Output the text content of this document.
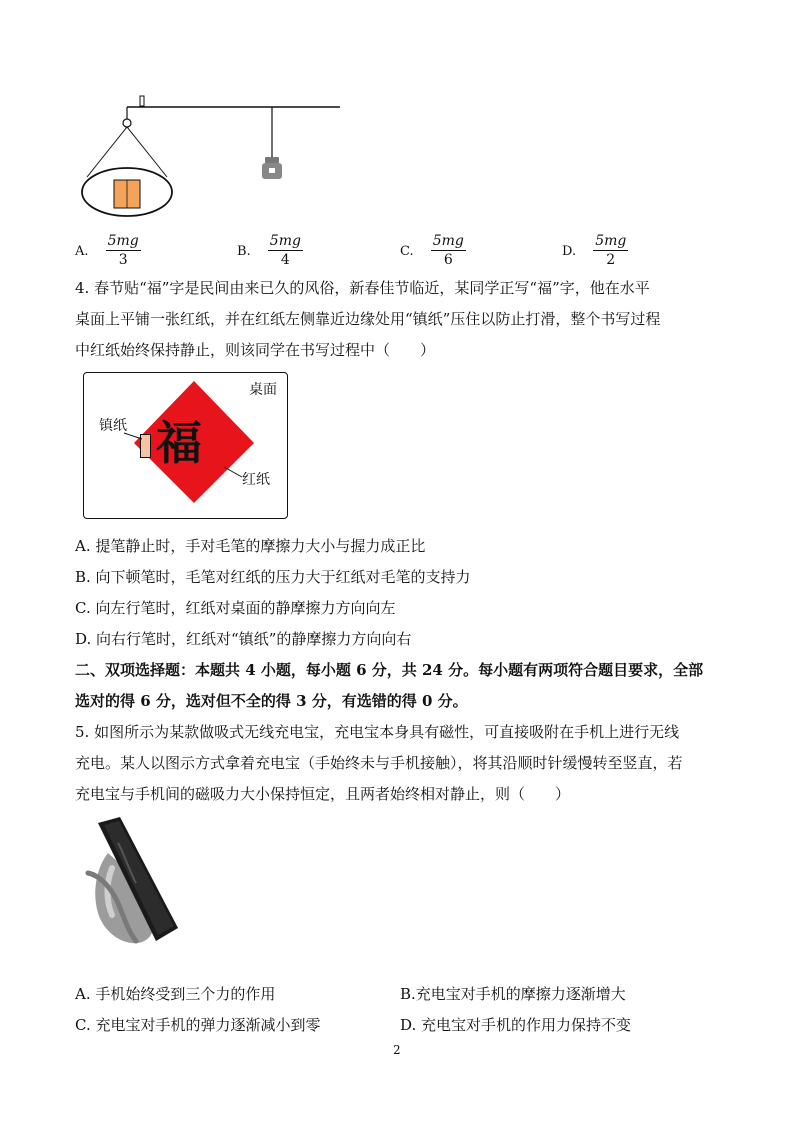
A. $\frac{5mg}{3}$	B. $\frac{5mg}{4}$	C. $\frac{5mg}{6}$	D. $\frac{5mg}{2}$
4. 春节贴“福”字是民间由来已久的风俗，新春佳节临近，某同学正写“福”字，他在水平
桌面上平铺一张红纸，并在红纸左侧靠近边缘处用“镇纸”压住以防止打滑，整个书写过程
中红纸始终保持静止，则该同学在书写过程中（　　）
福
桌面
镇纸
红纸
A. 提笔静止时，手对毛笔的摩擦力大小与握力成正比
B. 向下顿笔时，毛笔对红纸的压力大于红纸对毛笔的支持力
C. 向左行笔时，红纸对桌面的静摩擦力方向向左
D. 向右行笔时，红纸对“镇纸”的静摩擦力方向向右
二、双项选择题：本题共 4 小题，每小题 6 分，共 24 分。每小题有两项符合题目要求，全部
选对的得 6 分，选对但不全的得 3 分，有选错的得 0 分。
5. 如图所示为某款做吸式无线充电宝，充电宝本身具有磁性，可直接吸附在手机上进行无线
充电。某人以图示方式拿着充电宝（手始终未与手机接触），将其沿顺时针缓慢转至竖直，若
充电宝与手机间的磁吸力大小保持恒定，且两者始终相对静止，则（　　）
A. 手机始终受到三个力的作用	B.充电宝对手机的摩擦力逐渐增大
C. 充电宝对手机的弹力逐渐减小到零	D. 充电宝对手机的作用力保持不变
2
